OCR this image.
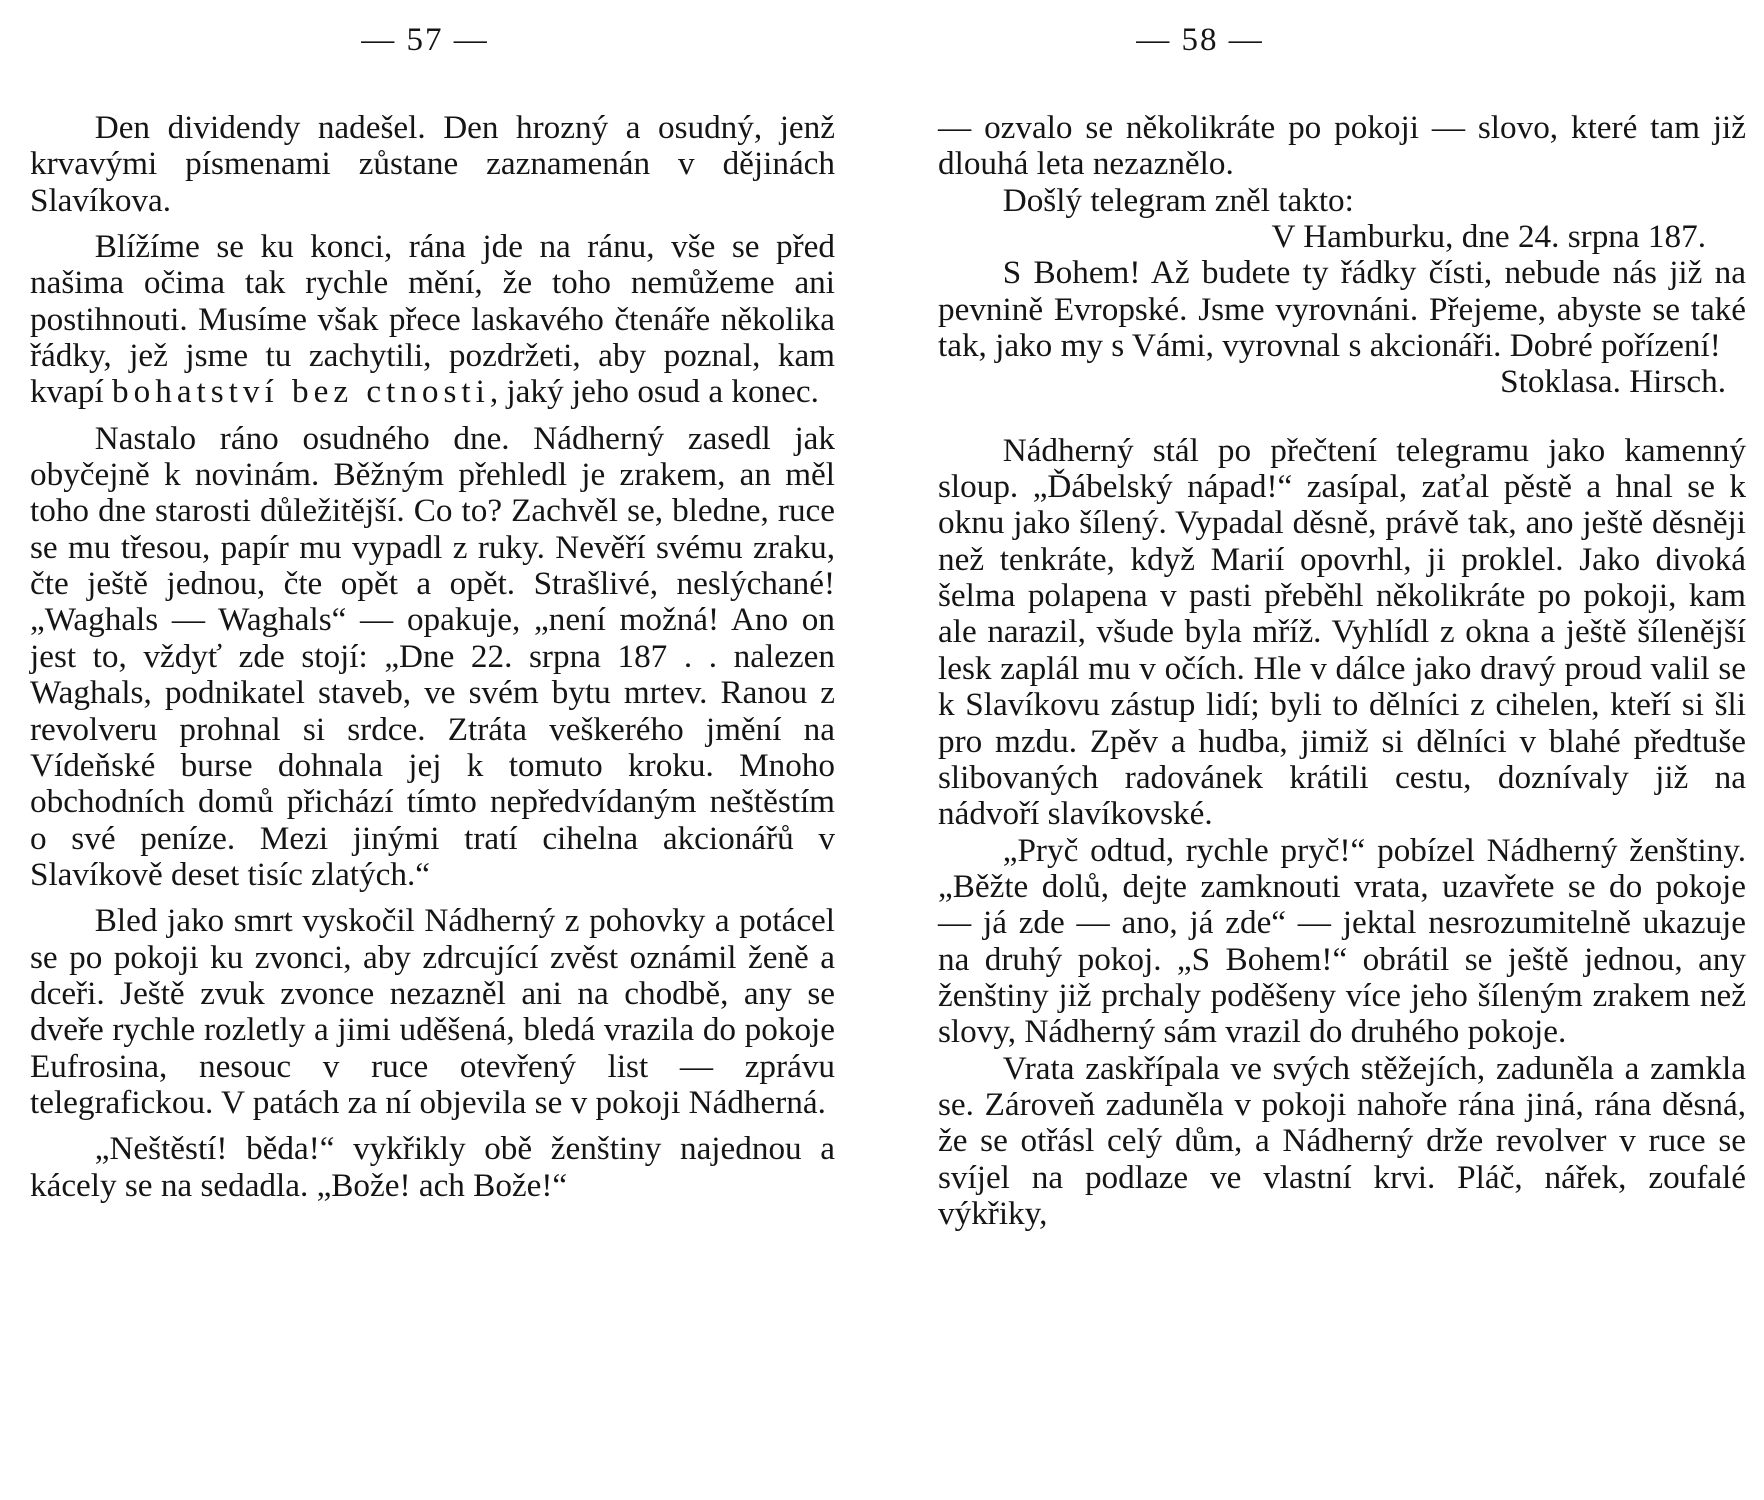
— 57 —

Den dividendy nadešel. Den hrozný a osudný, jenž krvavými písmenami zůstane zaznamenán v dějinách Slavíkova.

Blížíme se ku konci, rána jde na ránu, vše se před našima očima tak rychle mění, že toho nemůžeme ani postihnouti. Musíme však přece laskavého čtenáře několika řádky, jež jsme tu zachytili, pozdržeti, aby poznal, kam kvapí bohatství bez ctnosti, jaký jeho osud a konec.

Nastalo ráno osudného dne. Nádherný zasedl jak obyčejně k novinám. Běžným přehledl je zrakem, an měl toho dne starosti důležitější. Co to? Zachvěl se, bledne, ruce se mu třesou, papír mu vypadl z ruky. Nevěří svému zraku, čte ještě jednou, čte opět a opět. Strašlivé, neslýchané! „Waghals — Waghals“ — opakuje, „není možná! Ano on jest to, vždyť zde stojí: „Dne 22. srpna 187 . . nalezen Waghals, podnikatel staveb, ve svém bytu mrtev. Ranou z revolveru prohnal si srdce. Ztráta veškerého jmění na Vídeňské burse dohnala jej k tomuto kroku. Mnoho obchodních domů přichází tímto nepředvídaným neštěstím o své peníze. Mezi jinými tratí cihelna akcionářů v Slavíkově deset tisíc zlatých.“

Bled jako smrt vyskočil Nádherný z pohovky a potácel se po pokoji ku zvonci, aby zdrcující zvěst oznámil ženě a dceři. Ještě zvuk zvonce nezazněl ani na chodbě, any se dveře rychle rozletly a jimi uděšená, bledá vrazila do pokoje Eufrosina, nesouc v ruce otevřený list — zprávu telegrafickou. V patách za ní objevila se v pokoji Nádherná.

„Neštěstí! běda!“ vykřikly obě ženštiny najednou a kácely se na sedadla. „Bože! ach Bože!“

— 58 —

— ozvalo se několikráte po pokoji — slovo, které tam již dlouhá leta nezaznělo.

Došlý telegram zněl takto:

V Hamburku, dne 24. srpna 187.

S Bohem! Až budete ty řádky čísti, nebude nás již na pevnině Evropské. Jsme vyrovnáni. Přejeme, abyste se také tak, jako my s Vámi, vyrovnal s akcionáři. Dobré pořízení!

Stoklasa. Hirsch.

Nádherný stál po přečtení telegramu jako kamenný sloup. „Ďábelský nápad!“ zasípal, zaťal pěstě a hnal se k oknu jako šílený. Vypadal děsně, právě tak, ano ještě děsněji než tenkráte, když Marií opovrhl, ji proklel. Jako divoká šelma polapena v pasti přeběhl několikráte po pokoji, kam ale narazil, všude byla mříž. Vyhlídl z okna a ještě šílenější lesk zaplál mu v očích. Hle v dálce jako dravý proud valil se k Slavíkovu zástup lidí; byli to dělníci z cihelen, kteří si šli pro mzdu. Zpěv a hudba, jimiž si dělníci v blahé předtuše slibovaných radovánek krátili cestu, doznívaly již na nádvoří slavíkovské.

„Pryč odtud, rychle pryč!“ pobízel Nádherný ženštiny. „Běžte dolů, dejte zamknouti vrata, uzavřete se do pokoje — já zde — ano, já zde“ — jektal nesrozumitelně ukazuje na druhý pokoj. „S Bohem!“ obrátil se ještě jednou, any ženštiny již prchaly poděšeny více jeho šíleným zrakem než slovy, Nádherný sám vrazil do druhého pokoje.

Vrata zaskřípala ve svých stěžejích, zaduněla a zamkla se. Zároveň zaduněla v pokoji nahoře rána jiná, rána děsná, že se otřásl celý dům, a Nádherný drže revolver v ruce se svíjel na podlaze ve vlastní krvi. Pláč, nářek, zoufalé výkřiky,
